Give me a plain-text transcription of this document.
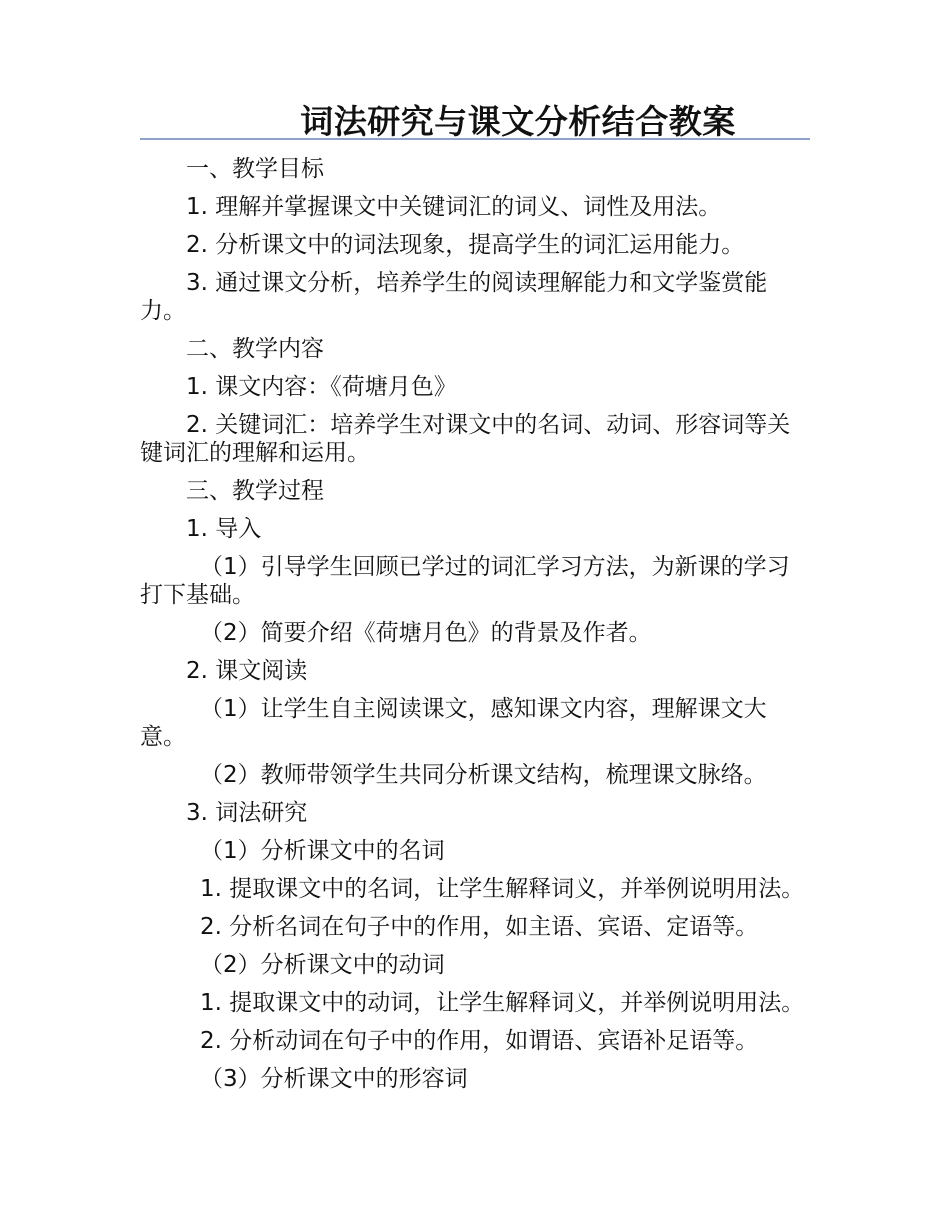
词法研究与课文分析结合教案

一、教学目标

1. 理解并掌握课文中关键词汇的词义、词性及用法。

2. 分析课文中的词法现象，提高学生的词汇运用能力。

3. 通过课文分析，培养学生的阅读理解能力和文学鉴赏能力。

二、教学内容

1. 课文内容：《荷塘月色》

2. 关键词汇：培养学生对课文中的名词、动词、形容词等关键词汇的理解和运用。

三、教学过程

1. 导入

（1）引导学生回顾已学过的词汇学习方法，为新课的学习打下基础。

（2）简要介绍《荷塘月色》的背景及作者。

2. 课文阅读

（1）让学生自主阅读课文，感知课文内容，理解课文大意。

（2）教师带领学生共同分析课文结构，梳理课文脉络。

3. 词法研究

（1）分析课文中的名词

1. 提取课文中的名词，让学生解释词义，并举例说明用法。

2. 分析名词在句子中的作用，如主语、宾语、定语等。

（2）分析课文中的动词

1. 提取课文中的动词，让学生解释词义，并举例说明用法。

2. 分析动词在句子中的作用，如谓语、宾语补足语等。

（3）分析课文中的形容词
